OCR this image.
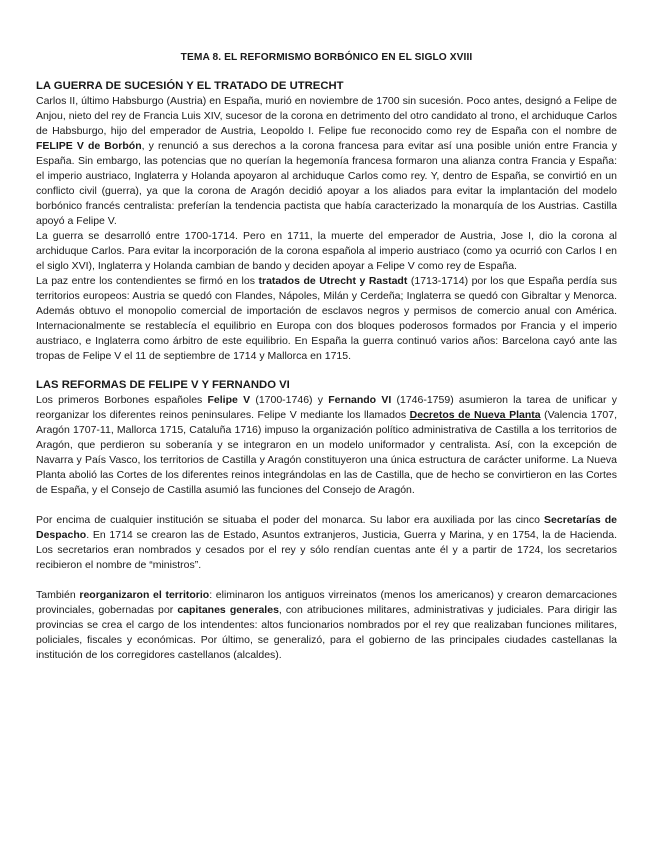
TEMA 8. EL REFORMISMO BORBÓNICO EN EL SIGLO XVIII
LA GUERRA DE SUCESIÓN Y EL TRATADO DE UTRECHT

Carlos II, último Habsburgo (Austria) en España, murió en noviembre de 1700 sin sucesión. Poco antes, designó a Felipe de Anjou, nieto del rey de Francia Luis XIV, sucesor de la corona en detrimento del otro candidato al trono, el archiduque Carlos de Habsburgo, hijo del emperador de Austria, Leopoldo I. Felipe fue reconocido como rey de España con el nombre de FELIPE V de Borbón, y renunció a sus derechos a la corona francesa para evitar así una posible unión entre Francia y España. Sin embargo, las potencias que no querían la hegemonía francesa formaron una alianza contra Francia y España: el imperio austriaco, Inglaterra y Holanda apoyaron al archiduque Carlos como rey. Y, dentro de España, se convirtió en un conflicto civil (guerra), ya que la corona de Aragón decidió apoyar a los aliados para evitar la implantación del modelo borbónico francés centralista: preferían la tendencia pactista que había caracterizado la monarquía de los Austrias. Castilla apoyó a Felipe V.

La guerra se desarrolló entre 1700-1714. Pero en 1711, la muerte del emperador de Austria, Jose I, dio la corona al archiduque Carlos. Para evitar la incorporación de la corona española al imperio austriaco (como ya ocurrió con Carlos I en el siglo XVI), Inglaterra y Holanda cambian de bando y deciden apoyar a Felipe V como rey de España.

La paz entre los contendientes se firmó en los tratados de Utrecht y Rastadt (1713-1714) por los que España perdía sus territorios europeos: Austria se quedó con Flandes, Nápoles, Milán y Cerdeña; Inglaterra se quedó con Gibraltar y Menorca. Además obtuvo el monopolio comercial de importación de esclavos negros y permisos de comercio anual con América. Internacionalmente se restablecía el equilibrio en Europa con dos bloques poderosos formados por Francia y el imperio austriaco, e Inglaterra como árbitro de este equilibrio. En España la guerra continuó varios años: Barcelona cayó ante las tropas de Felipe V el 11 de septiembre de 1714 y Mallorca en 1715.

LAS REFORMAS DE FELIPE V Y FERNANDO VI

Los primeros Borbones españoles Felipe V (1700-1746) y Fernando VI (1746-1759) asumieron la tarea de unificar y reorganizar los diferentes reinos peninsulares. Felipe V mediante los llamados Decretos de Nueva Planta (Valencia 1707, Aragón 1707-11, Mallorca 1715, Cataluña 1716) impuso la organización político administrativa de Castilla a los territorios de Aragón, que perdieron su soberanía y se integraron en un modelo uniformador y centralista. Así, con la excepción de Navarra y País Vasco, los territorios de Castilla y Aragón constituyeron una única estructura de carácter uniforme. La Nueva Planta abolió las Cortes de los diferentes reinos integrándolas en las de Castilla, que de hecho se convirtieron en las Cortes de España, y el Consejo de Castilla asumió las funciones del Consejo de Aragón.

Por encima de cualquier institución se situaba el poder del monarca. Su labor era auxiliada por las cinco Secretarías de Despacho. En 1714 se crearon las de Estado, Asuntos extranjeros, Justicia, Guerra y Marina, y en 1754, la de Hacienda. Los secretarios eran nombrados y cesados por el rey y sólo rendían cuentas ante él y a partir de 1724, los secretarios recibieron el nombre de “ministros”.

También reorganizaron el territorio: eliminaron los antiguos virreinatos (menos los americanos) y crearon demarcaciones provinciales, gobernadas por capitanes generales, con atribuciones militares, administrativas y judiciales. Para dirigir las provincias se crea el cargo de los intendentes: altos funcionarios nombrados por el rey que realizaban funciones militares, policiales, fiscales y económicas. Por último, se generalizó, para el gobierno de las principales ciudades castellanas la institución de los corregidores castellanos (alcaldes).
